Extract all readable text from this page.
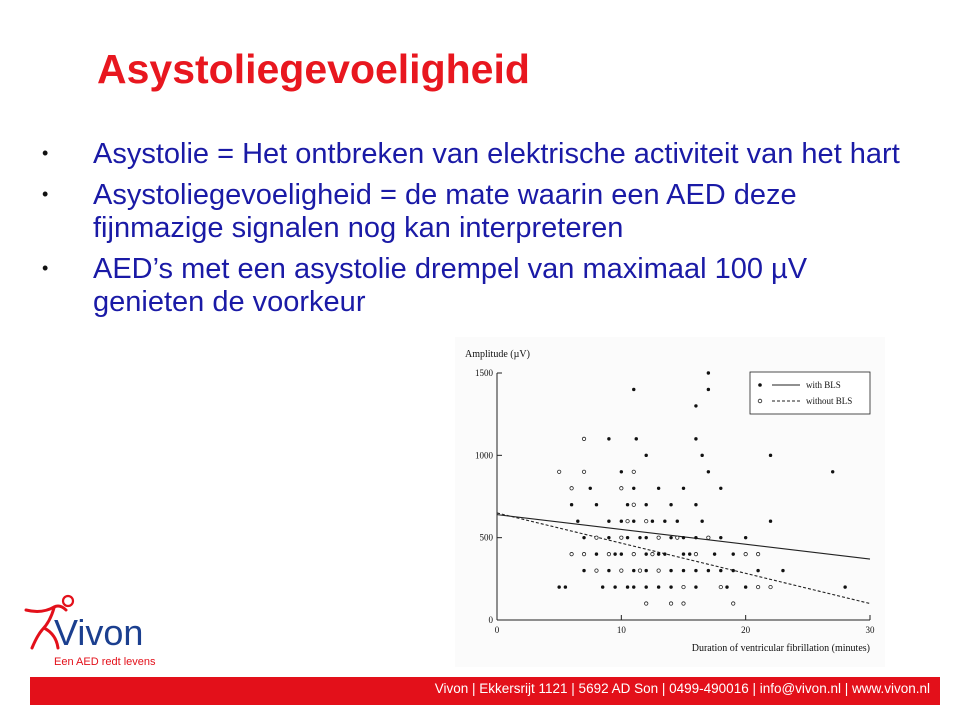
Asystoliegevoeligheid
• Asystolie = Het ontbreken van elektrische activiteit van het hart
• Asystoliegevoeligheid = de mate waarin een AED deze fijnmazige signalen nog kan interpreteren
• AED’s met een asystolie drempel van maximaal 100 µV genieten de voorkeur
Amplitude (µV)
Duration of ventricular fibrillation (minutes)
0
500
1000
1500
0	10	20	30
with BLS
without BLS
Vivon
Een AED redt levens
Vivon | Ekkersrijt 1121 | 5692 AD Son | 0499-490016 | info@vivon.nl | www.vivon.nl
